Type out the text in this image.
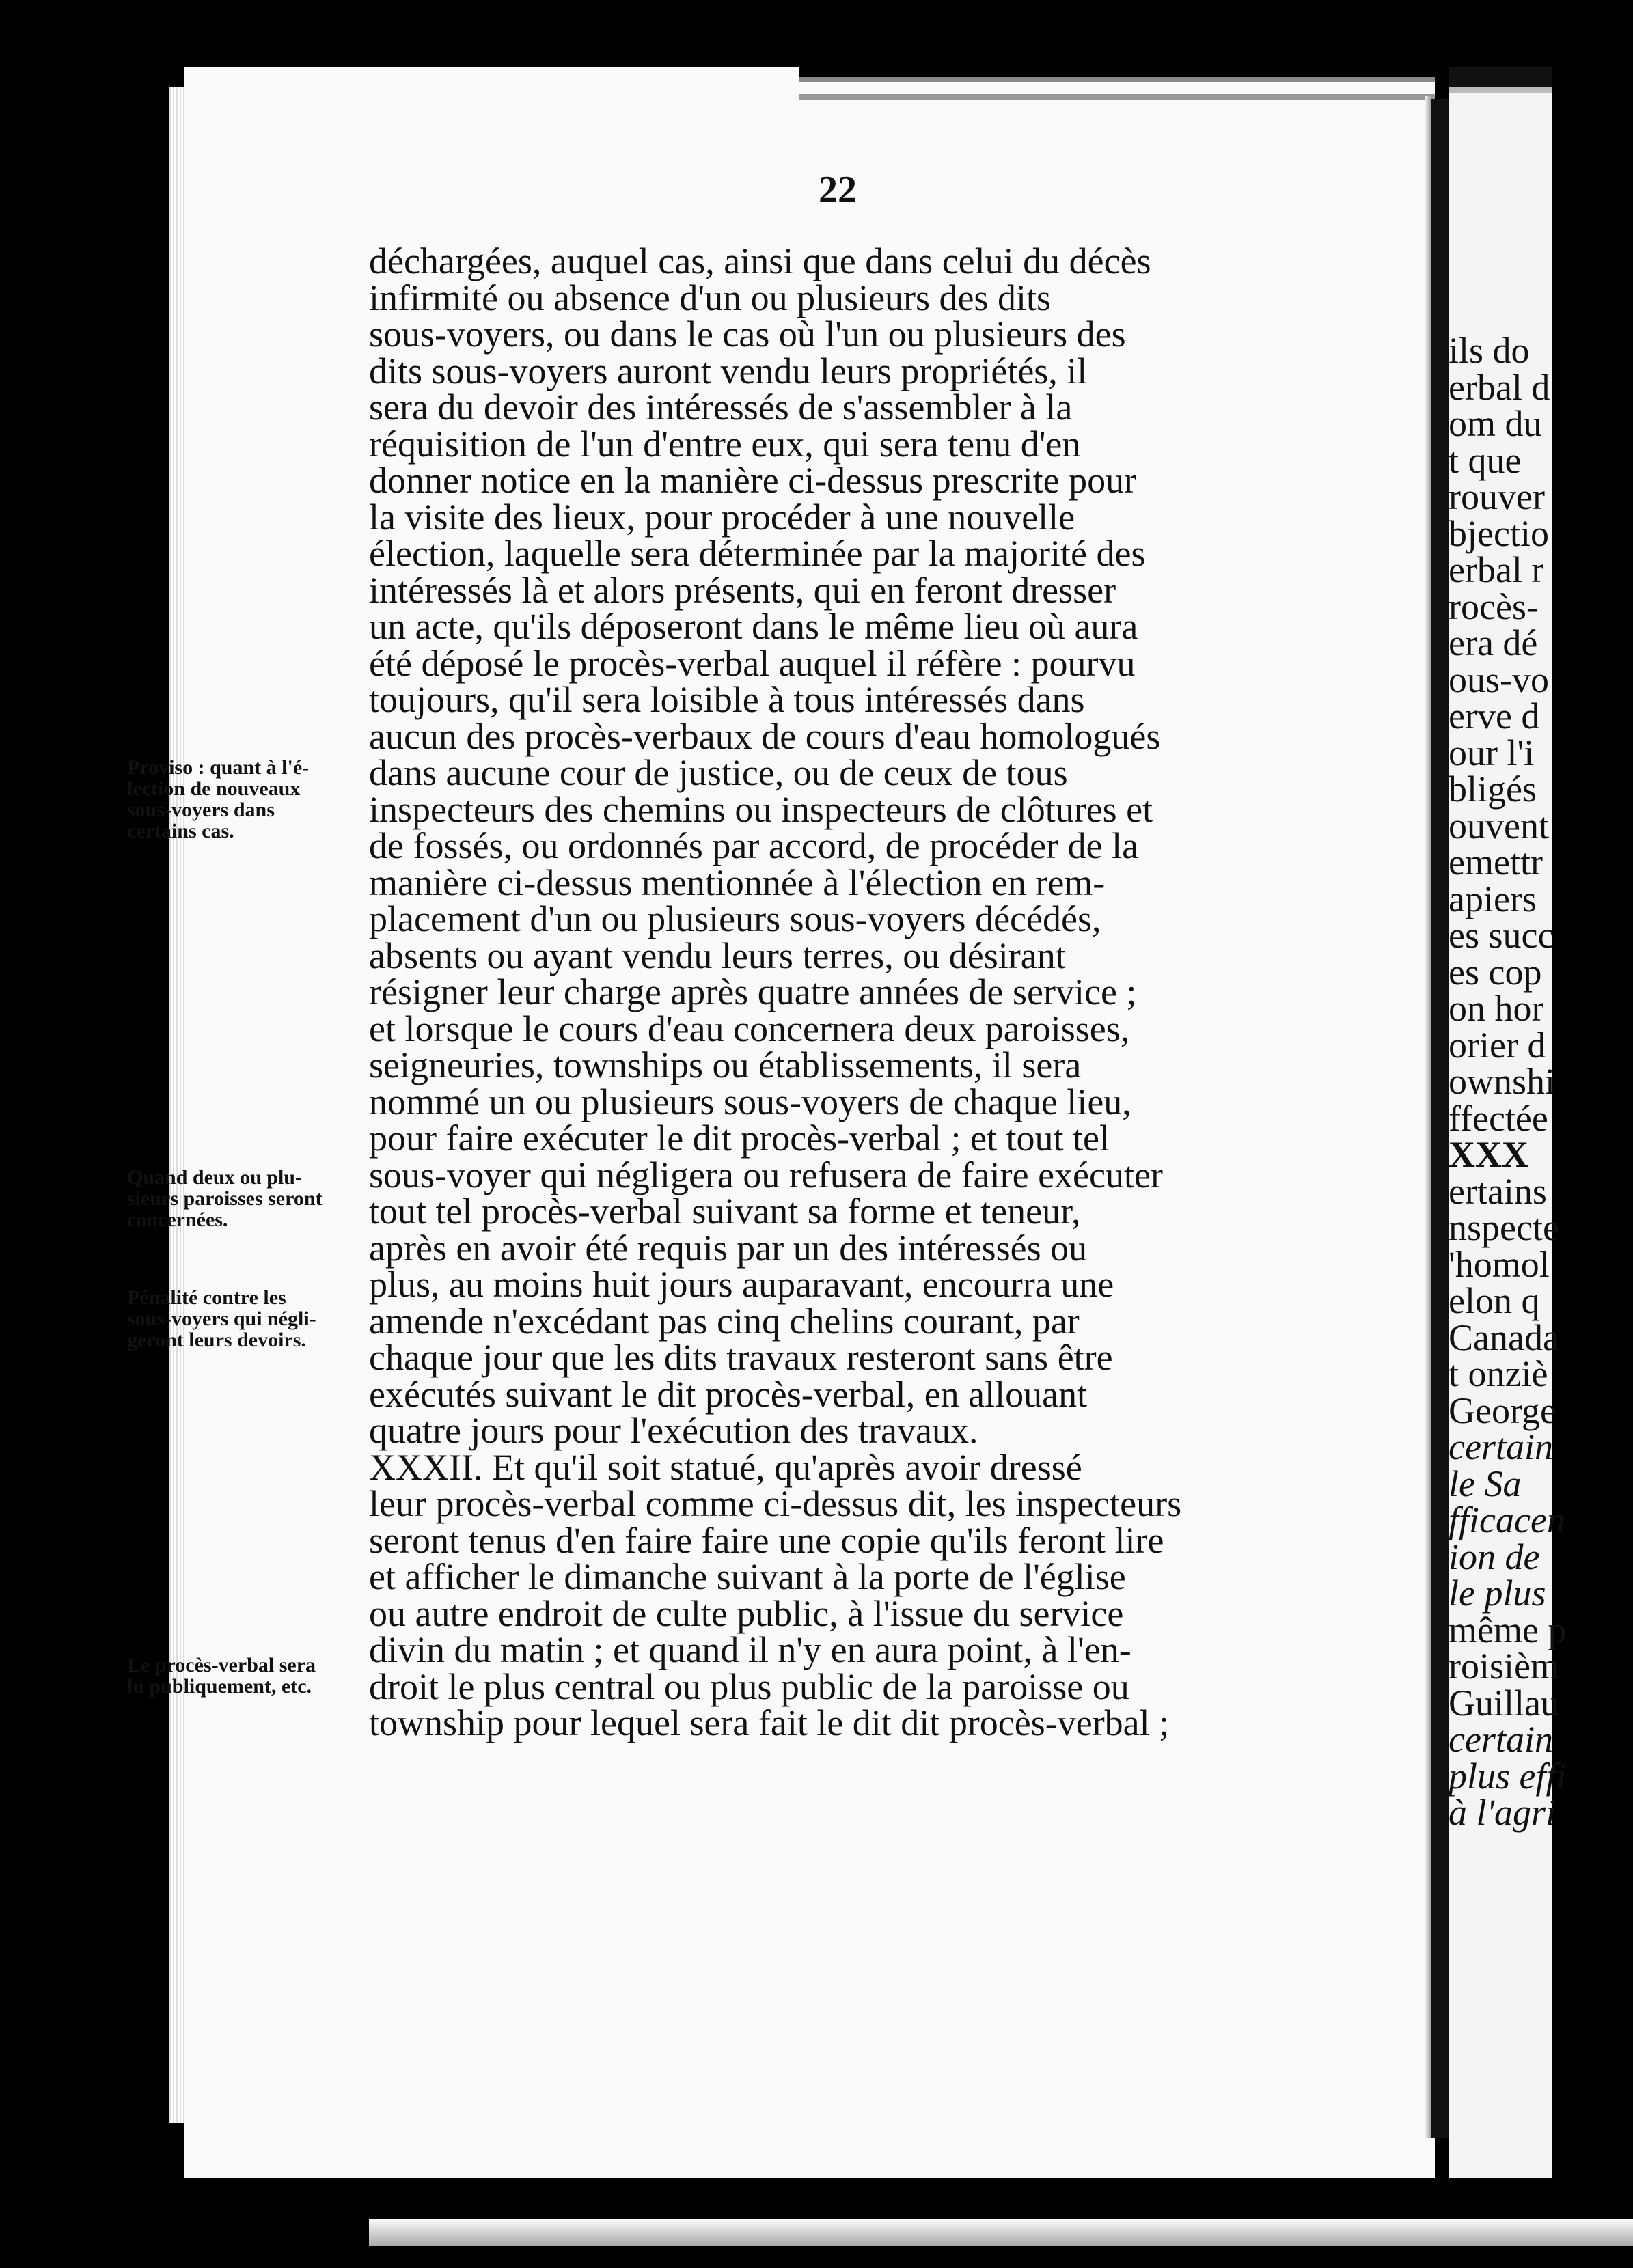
22
déchargées, auquel cas, ainsi que dans celui du décès
infirmité ou absence d'un ou plusieurs des dits
sous-voyers, ou dans le cas où l'un ou plusieurs des
dits sous-voyers auront vendu leurs propriétés, il
sera du devoir des intéressés de s'assembler à la
réquisition de l'un d'entre eux, qui sera tenu d'en
donner notice en la manière ci-dessus prescrite pour
la visite des lieux, pour procéder à une nouvelle
élection, laquelle sera déterminée par la majorité des
intéressés là et alors présents, qui en feront dresser
un acte, qu'ils déposeront dans le même lieu où aura
été déposé le procès-verbal auquel il réfère : pourvu
toujours, qu'il sera loisible à tous intéressés dans
aucun des procès-verbaux de cours d'eau homologués
dans aucune cour de justice, ou de ceux de tous
inspecteurs des chemins ou inspecteurs de clôtures et
de fossés, ou ordonnés par accord, de procéder de la
manière ci-dessus mentionnée à l'élection en rem-
placement d'un ou plusieurs sous-voyers décédés,
absents ou ayant vendu leurs terres, ou désirant
résigner leur charge après quatre années de service ;
et lorsque le cours d'eau concernera deux paroisses,
seigneuries, townships ou établissements, il sera
nommé un ou plusieurs sous-voyers de chaque lieu,
pour faire exécuter le dit procès-verbal ; et tout tel
sous-voyer qui négligera ou refusera de faire exécuter
tout tel procès-verbal suivant sa forme et teneur,
après en avoir été requis par un des intéressés ou
plus, au moins huit jours auparavant, encourra une
amende n'excédant pas cinq chelins courant, par
chaque jour que les dits travaux resteront sans être
exécutés suivant le dit procès-verbal, en allouant
quatre jours pour l'exécution des travaux.
XXXII. Et qu'il soit statué, qu'après avoir dressé
leur procès-verbal comme ci-dessus dit, les inspecteurs
seront tenus d'en faire faire une copie qu'ils feront lire
et afficher le dimanche suivant à la porte de l'église
ou autre endroit de culte public, à l'issue du service
divin du matin ; et quand il n'y en aura point, à l'en-
droit le plus central ou plus public de la paroisse ou
township pour lequel sera fait le dit dit procès-verbal ;
Proviso : quant à l'é-
lection de nouveaux
sous-voyers dans
certains cas.
Quand deux ou plu-
sieurs paroisses seront
concernées.
Pénalité contre les
sous-voyers qui négli-
geront leurs devoirs.
Le procès-verbal sera
lu publiquement, etc.
ils do
erbal d
om du
t que
rouver
bjectio
erbal r
rocès-
era dé
ous-vo
erve d
our l'i
bligés
ouvent
emettr
apiers
es succ
es cop
on hor
orier d
ownshi
ffectée
XXX
ertains
nspecte
'homol
elon q
Canada
t onziè
George
certain
le Sa
fficacen
ion de
le plus
même p
roisièm
Guillau
certain
plus effi
à l'agri
